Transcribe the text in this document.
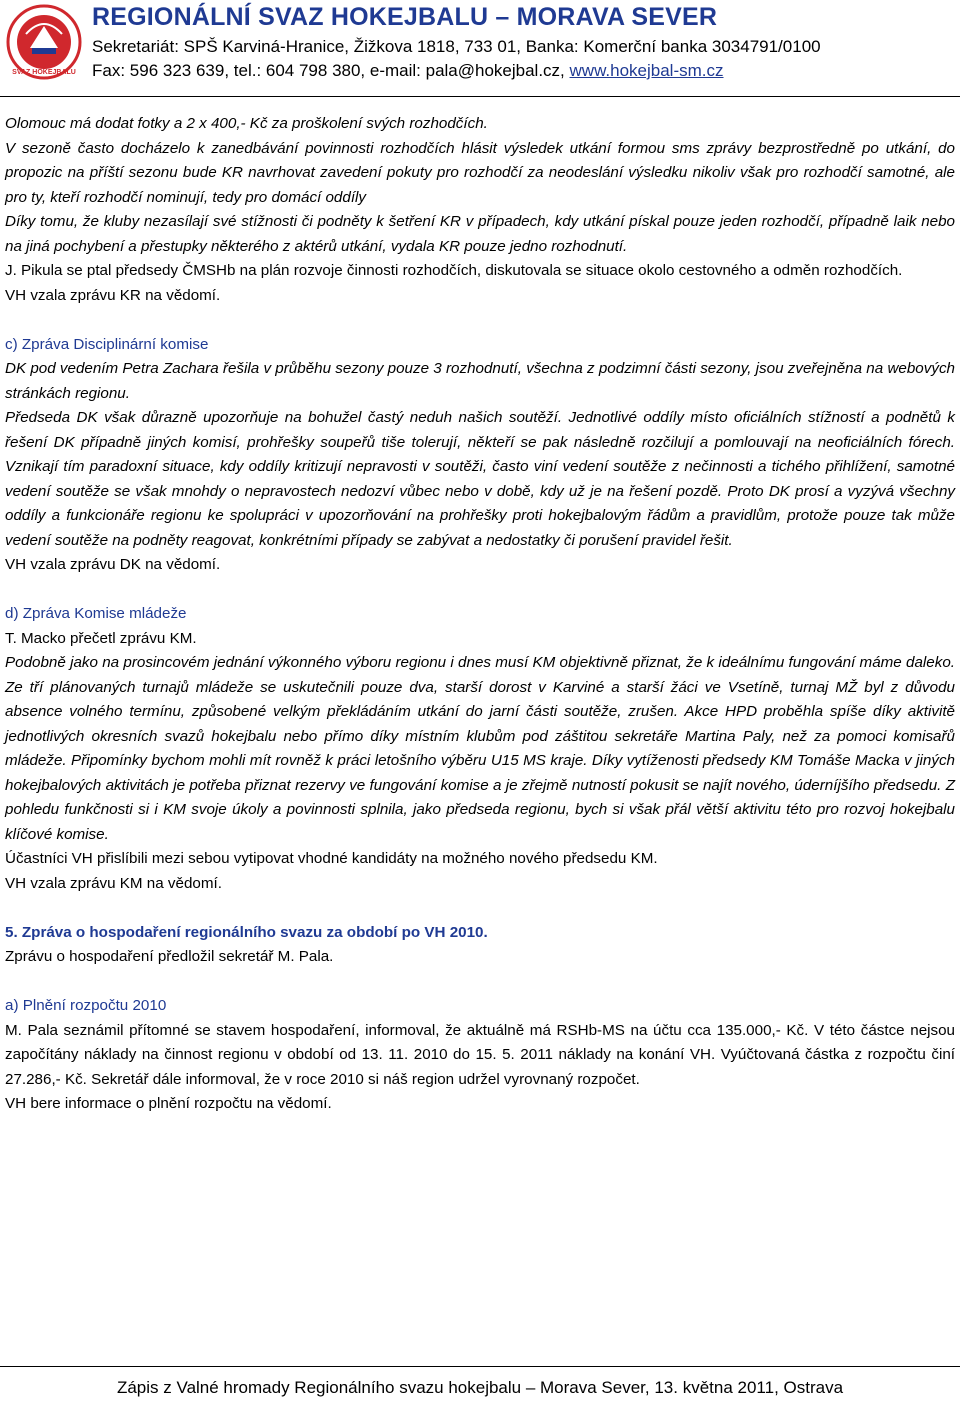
SVAZ HOKEJBALU
REGIONÁLNÍ SVAZ HOKEJBALU – MORAVA SEVER
Sekretariát: SPŠ Karviná-Hranice, Žižkova 1818, 733 01, Banka: Komerční banka 3034791/0100
Fax: 596 323 639, tel.: 604 798 380, e-mail: pala@hokejbal.cz, www.hokejbal-sm.cz

Olomouc má dodat fotky a 2 x 400,- Kč za proškolení svých rozhodčích.

V sezoně často docházelo k zanedbávání povinnosti rozhodčích hlásit výsledek utkání formou sms zprávy bezprostředně po utkání, do propozic na příští sezonu bude KR navrhovat zavedení pokuty pro rozhodčí za neodeslání výsledku nikoliv však pro rozhodčí samotné, ale pro ty, kteří rozhodčí nominují, tedy pro domácí oddíly

Díky tomu, že kluby nezasílají své stížnosti či podněty k šetření KR v případech, kdy utkání pískal pouze jeden rozhodčí, případně laik nebo na jiná pochybení a přestupky některého z aktérů utkání, vydala KR pouze jedno rozhodnutí.

J. Pikula se ptal předsedy ČMSHb na plán rozvoje činnosti rozhodčích, diskutovala se situace okolo cestovného a odměn rozhodčích.

VH vzala zprávu KR na vědomí.

c) Zpráva Disciplinární komise

DK pod vedením Petra Zachara řešila v průběhu sezony pouze 3 rozhodnutí, všechna z podzimní části sezony, jsou zveřejněna na webových stránkách regionu.

Předseda DK však důrazně upozorňuje na bohužel častý neduh našich soutěží. Jednotlivé oddíly místo oficiálních stížností a podnětů k řešení DK případně jiných komisí, prohřešky soupeřů tiše tolerují, někteří se pak následně rozčilují a pomlouvají na neoficiálních fórech. Vznikají tím paradoxní situace, kdy oddíly kritizují nepravosti v soutěži, často viní vedení soutěže z nečinnosti a tichého přihlížení, samotné vedení soutěže se však mnohdy o nepravostech nedozví vůbec nebo v době, kdy už je na řešení pozdě. Proto DK prosí a vyzývá všechny oddíly a funkcionáře regionu ke spolupráci v upozorňování na prohřešky proti hokejbalovým řádům a pravidlům, protože pouze tak může vedení soutěže na podněty reagovat, konkrétními případy se zabývat a nedostatky či porušení pravidel řešit.

VH vzala zprávu DK na vědomí.

d) Zpráva Komise mládeže

T. Macko přečetl zprávu KM.

Podobně jako na prosincovém jednání výkonného výboru regionu i dnes musí KM objektivně přiznat, že k ideálnímu fungování máme daleko. Ze tří plánovaných turnajů mládeže se uskutečnili pouze dva, starší dorost v Karviné a starší žáci ve Vsetíně, turnaj MŽ byl z důvodu absence volného termínu, způsobené velkým překládáním utkání do jarní části soutěže, zrušen. Akce HPD proběhla spíše díky aktivitě jednotlivých okresních svazů hokejbalu nebo přímo díky místním klubům pod záštitou sekretáře Martina Paly, než za pomoci komisařů mládeže. Připomínky bychom mohli mít rovněž k práci letošního výběru U15 MS kraje. Díky vytíženosti předsedy KM Tomáše Macka v jiných hokejbalových aktivitách je potřeba přiznat rezervy ve fungování komise a je zřejmě nutností pokusit se najít nového, úderníjšího předsedu. Z pohledu funkčnosti si i KM svoje úkoly a povinnosti splnila, jako předseda regionu, bych si však přál větší aktivitu této pro rozvoj hokejbalu klíčové komise.

Účastníci VH přislíbili mezi sebou vytipovat vhodné kandidáty na možného nového předsedu KM.

VH vzala zprávu KM na vědomí.

5. Zpráva o hospodaření regionálního svazu za období po VH 2010.

Zprávu o hospodaření předložil sekretář M. Pala.

a) Plnění rozpočtu 2010

M. Pala seznámil přítomné se stavem hospodaření, informoval, že aktuálně má RSHb-MS na účtu cca 135.000,- Kč. V této částce nejsou započítány náklady na činnost regionu v období od 13. 11. 2010 do 15. 5. 2011 náklady na konání VH. Vyúčtovaná částka z rozpočtu činí 27.286,- Kč. Sekretář dále informoval, že v roce 2010 si náš region udržel vyrovnaný rozpočet.

VH bere informace o plnění rozpočtu na vědomí.

Zápis z Valné hromady Regionálního svazu hokejbalu – Morava Sever, 13. května 2011, Ostrava
